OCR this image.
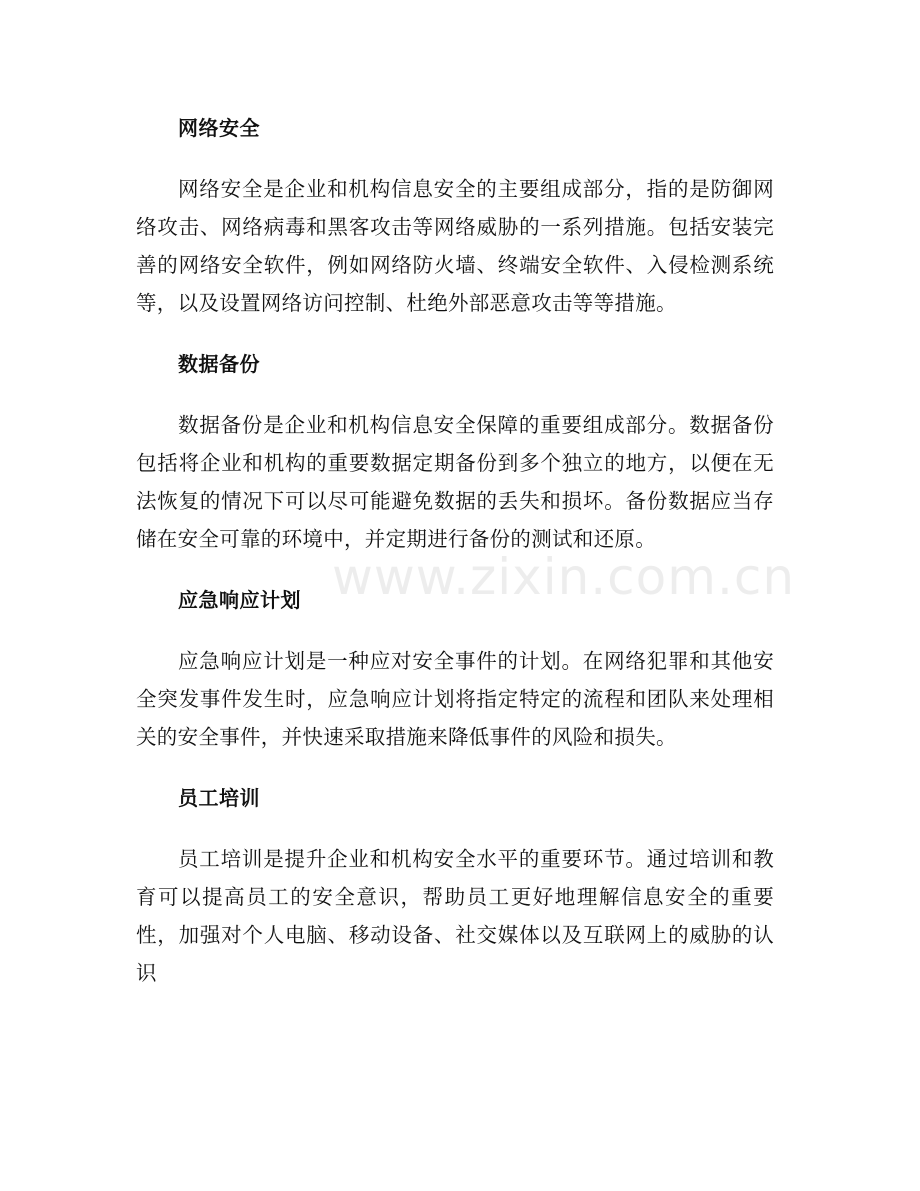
网络安全

网络安全是企业和机构信息安全的主要组成部分，指的是防御网络攻击、网络病毒和黑客攻击等网络威胁的一系列措施。包括安装完善的网络安全软件，例如网络防火墙、终端安全软件、入侵检测系统等，以及设置网络访问控制、杜绝外部恶意攻击等等措施。

数据备份

数据备份是企业和机构信息安全保障的重要组成部分。数据备份包括将企业和机构的重要数据定期备份到多个独立的地方，以便在无法恢复的情况下可以尽可能避免数据的丢失和损坏。备份数据应当存储在安全可靠的环境中，并定期进行备份的测试和还原。

应急响应计划

应急响应计划是一种应对安全事件的计划。在网络犯罪和其他安全突发事件发生时，应急响应计划将指定特定的流程和团队来处理相关的安全事件，并快速采取措施来降低事件的风险和损失。

员工培训

员工培训是提升企业和机构安全水平的重要环节。通过培训和教育可以提高员工的安全意识，帮助员工更好地理解信息安全的重要性，加强对个人电脑、移动设备、社交媒体以及互联网上的威胁的认识

www.zixin.com.cn
